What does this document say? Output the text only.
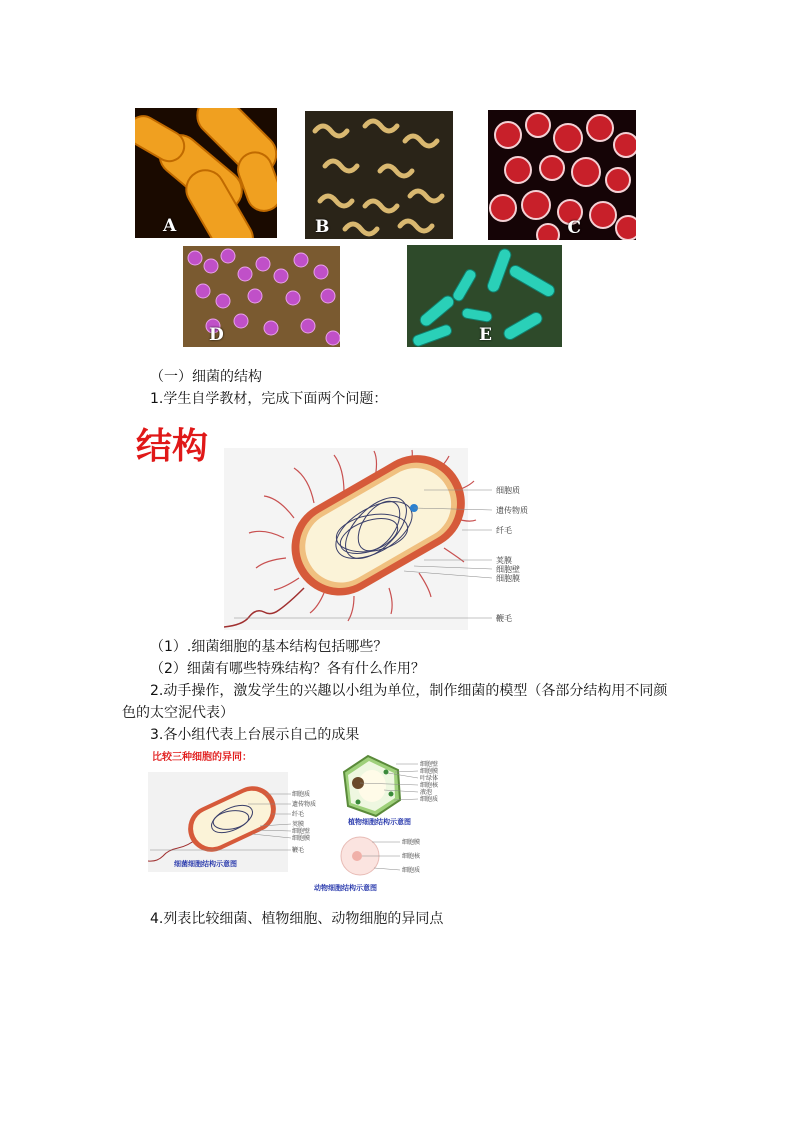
A	B	C
D	E
（一）细菌的结构
1.学生自学教材，完成下面两个问题：
结构
细胞质
遗传物质
纤毛
荚膜
细胞壁
细胞膜
鞭毛
（1）.细菌细胞的基本结构包括哪些？
（2）细菌有哪些特殊结构？各有什么作用？
2.动手操作，激发学生的兴趣以小组为单位，制作细菌的模型（各部分结构用不同颜色的太空泥代表）
3.各小组代表上台展示自己的成果
比较三种细胞的异同：
细胞质
遗传物质
纤毛
荚膜
细胞壁
细胞膜
鞭毛
细菌细胞结构示意图
细胞壁
细胞膜
叶绿体
细胞核
液泡
细胞质
植物细胞结构示意图
细胞膜
细胞核
细胞质
动物细胞结构示意图
4.列表比较细菌、植物细胞、动物细胞的异同点
